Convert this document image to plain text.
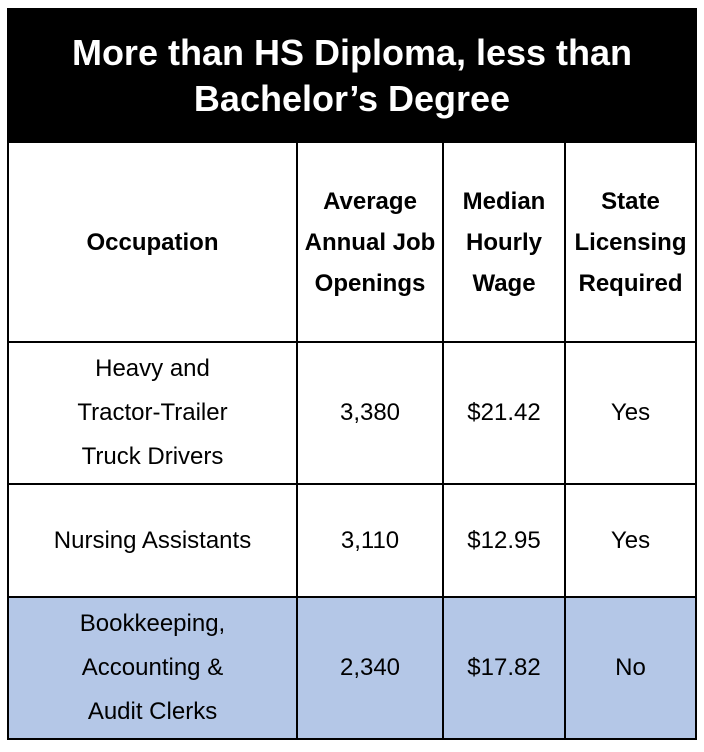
More than HS Diploma, less than Bachelor’s Degree			
Occupation	Average Annual Job Openings	Median Hourly Wage	State Licensing Required
Heavy and Tractor-Trailer Truck Drivers	3,380	$21.42	Yes
Nursing Assistants	3,110	$12.95	Yes
Bookkeeping, Accounting & Audit Clerks	2,340	$17.82	No
